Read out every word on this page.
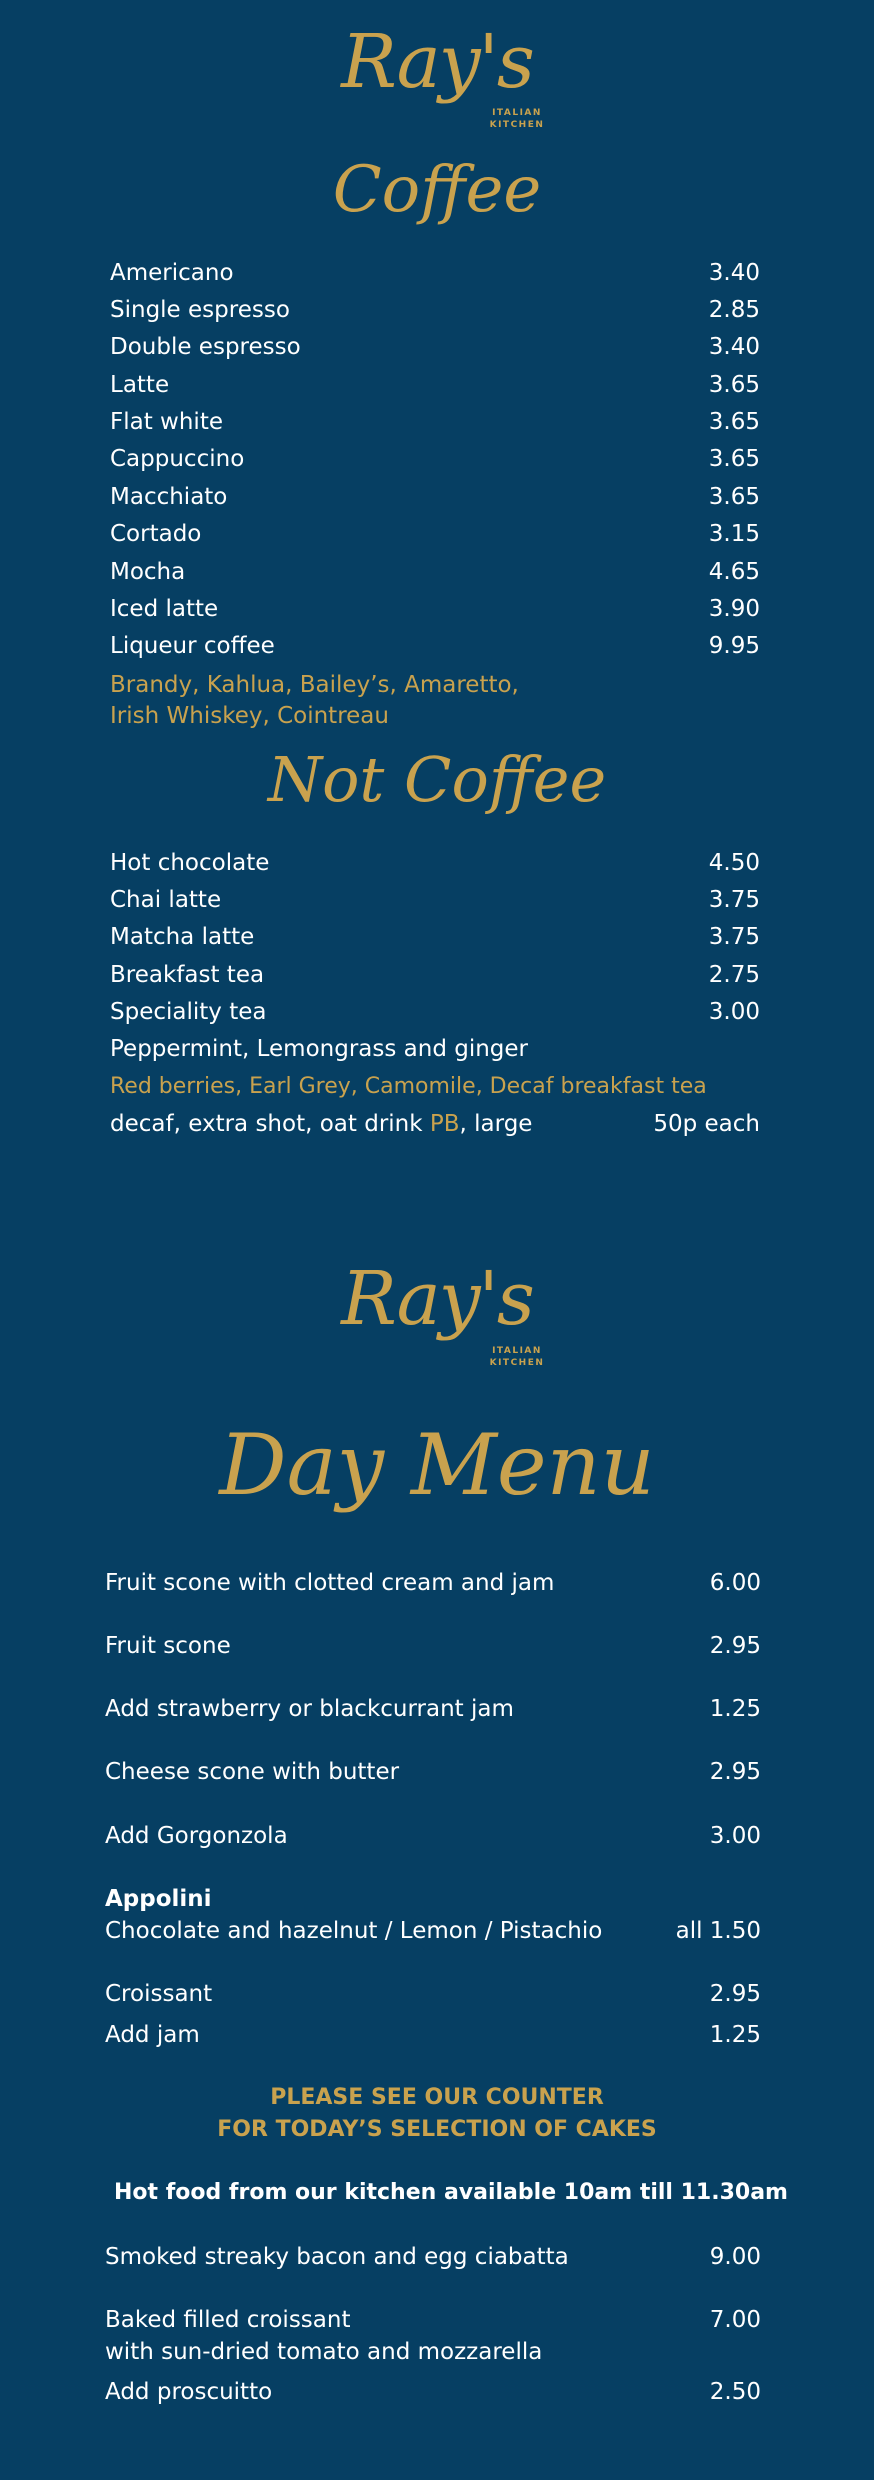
Ray's
ITALIAN
KITCHEN
Coffee
Americano	3.40
Single espresso	2.85
Double espresso	3.40
Latte	3.65
Flat white	3.65
Cappuccino	3.65
Macchiato	3.65
Cortado	3.15
Mocha	4.65
Iced latte	3.90
Liqueur coffee	9.95
Brandy, Kahlua, Bailey’s, Amaretto,
Irish Whiskey, Cointreau
Not Coffee
Hot chocolate	4.50
Chai latte	3.75
Matcha latte	3.75
Breakfast tea	2.75
Speciality tea	3.00
Peppermint, Lemongrass and ginger
Red berries, Earl Grey, Camomile, Decaf breakfast tea
decaf, extra shot, oat drink PB, large	50p each
Ray's
ITALIAN
KITCHEN
Day Menu
Fruit scone with clotted cream and jam	6.00
Fruit scone	2.95
Add strawberry or blackcurrant jam	1.25
Cheese scone with butter	2.95
Add Gorgonzola	3.00
Appolini
Chocolate and hazelnut / Lemon / Pistachio	all 1.50
Croissant	2.95
Add jam	1.25
PLEASE SEE OUR COUNTER
FOR TODAY’S SELECTION OF CAKES
Hot food from our kitchen available 10am till 11.30am
Smoked streaky bacon and egg ciabatta	9.00
Baked filled croissant	7.00
with sun-dried tomato and mozzarella
Add proscuitto	2.50
